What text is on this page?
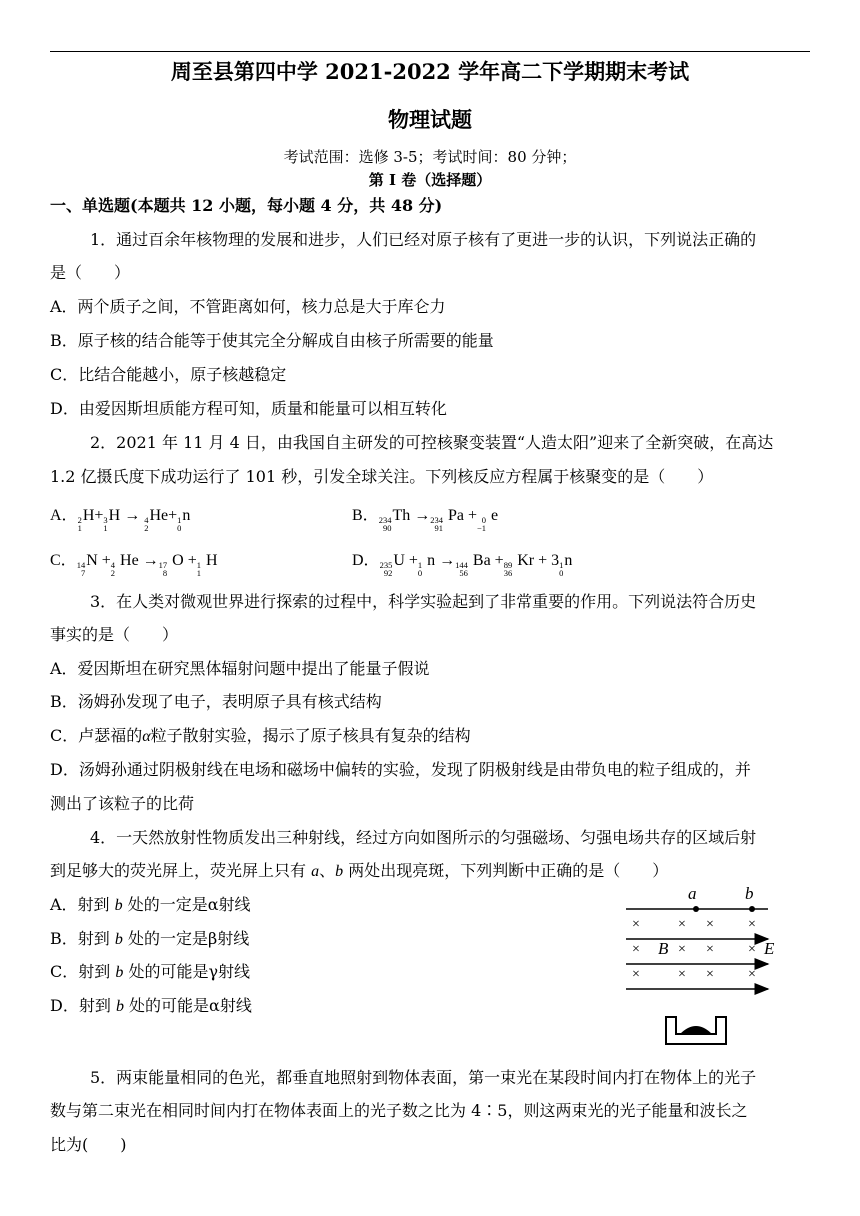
周至县第四中学 2021-2022 学年高二下学期期末考试
物理试题
考试范围：选修 3-5；考试时间：80 分钟；
第 I 卷（选择题）
一、单选题(本题共 12 小题，每小题 4 分，共 48 分)
1．通过百余年核物理的发展和进步，人们已经对原子核有了更进一步的认识，下列说法正确的
是（　　）
A．两个质子之间，不管距离如何，核力总是大于库仑力
B．原子核的结合能等于使其完全分解成自由核子所需要的能量
C．比结合能越小，原子核越稳定
D．由爱因斯坦质能方程可知，质量和能量可以相互转化
2．2021 年 11 月 4 日，由我国自主研发的可控核聚变装置“人造太阳”迎来了全新突破，在高达
1.2 亿摄氏度下成功运行了 101 秒，引发全球关注。下列核反应方程属于核聚变的是（　　）
A． 2
1
H+ 3
1
H → 4
2
He+ 1
0
n	B． 234
90
Th → 234
91
Pa + 0
−1
e
C． 14
7
N + 4
2
He → 17
8
O + 1
1
H	D． 235
92
U + 1
0
n → 144
56
Ba + 89
36
Kr + 3 1
0
n
3．在人类对微观世界进行探索的过程中，科学实验起到了非常重要的作用。下列说法符合历史
事实的是（　　）
A．爱因斯坦在研究黑体辐射问题中提出了能量子假说
B．汤姆孙发现了电子，表明原子具有核式结构
C．卢瑟福的α粒子散射实验，揭示了原子核具有复杂的结构
D．汤姆孙通过阴极射线在电场和磁场中偏转的实验，发现了阴极射线是由带负电的粒子组成的，并
测出了该粒子的比荷
4．一天然放射性物质发出三种射线，经过方向如图所示的匀强磁场、匀强电场共存的区域后射
到足够大的荧光屏上，荧光屏上只有 a、b 两处出现亮斑，下列判断中正确的是（　　）
A．射到 b 处的一定是α射线
B．射到 b 处的一定是β射线
C．射到 b 处的可能是γ射线
D．射到 b 处的可能是α射线
a	b
×	× × ×
×	× × ×
×	× × ×
B	E
5．两束能量相同的色光，都垂直地照射到物体表面，第一束光在某段时间内打在物体上的光子
数与第二束光在相同时间内打在物体表面上的光子数之比为 4∶5，则这两束光的光子能量和波长之
比为(　　)
